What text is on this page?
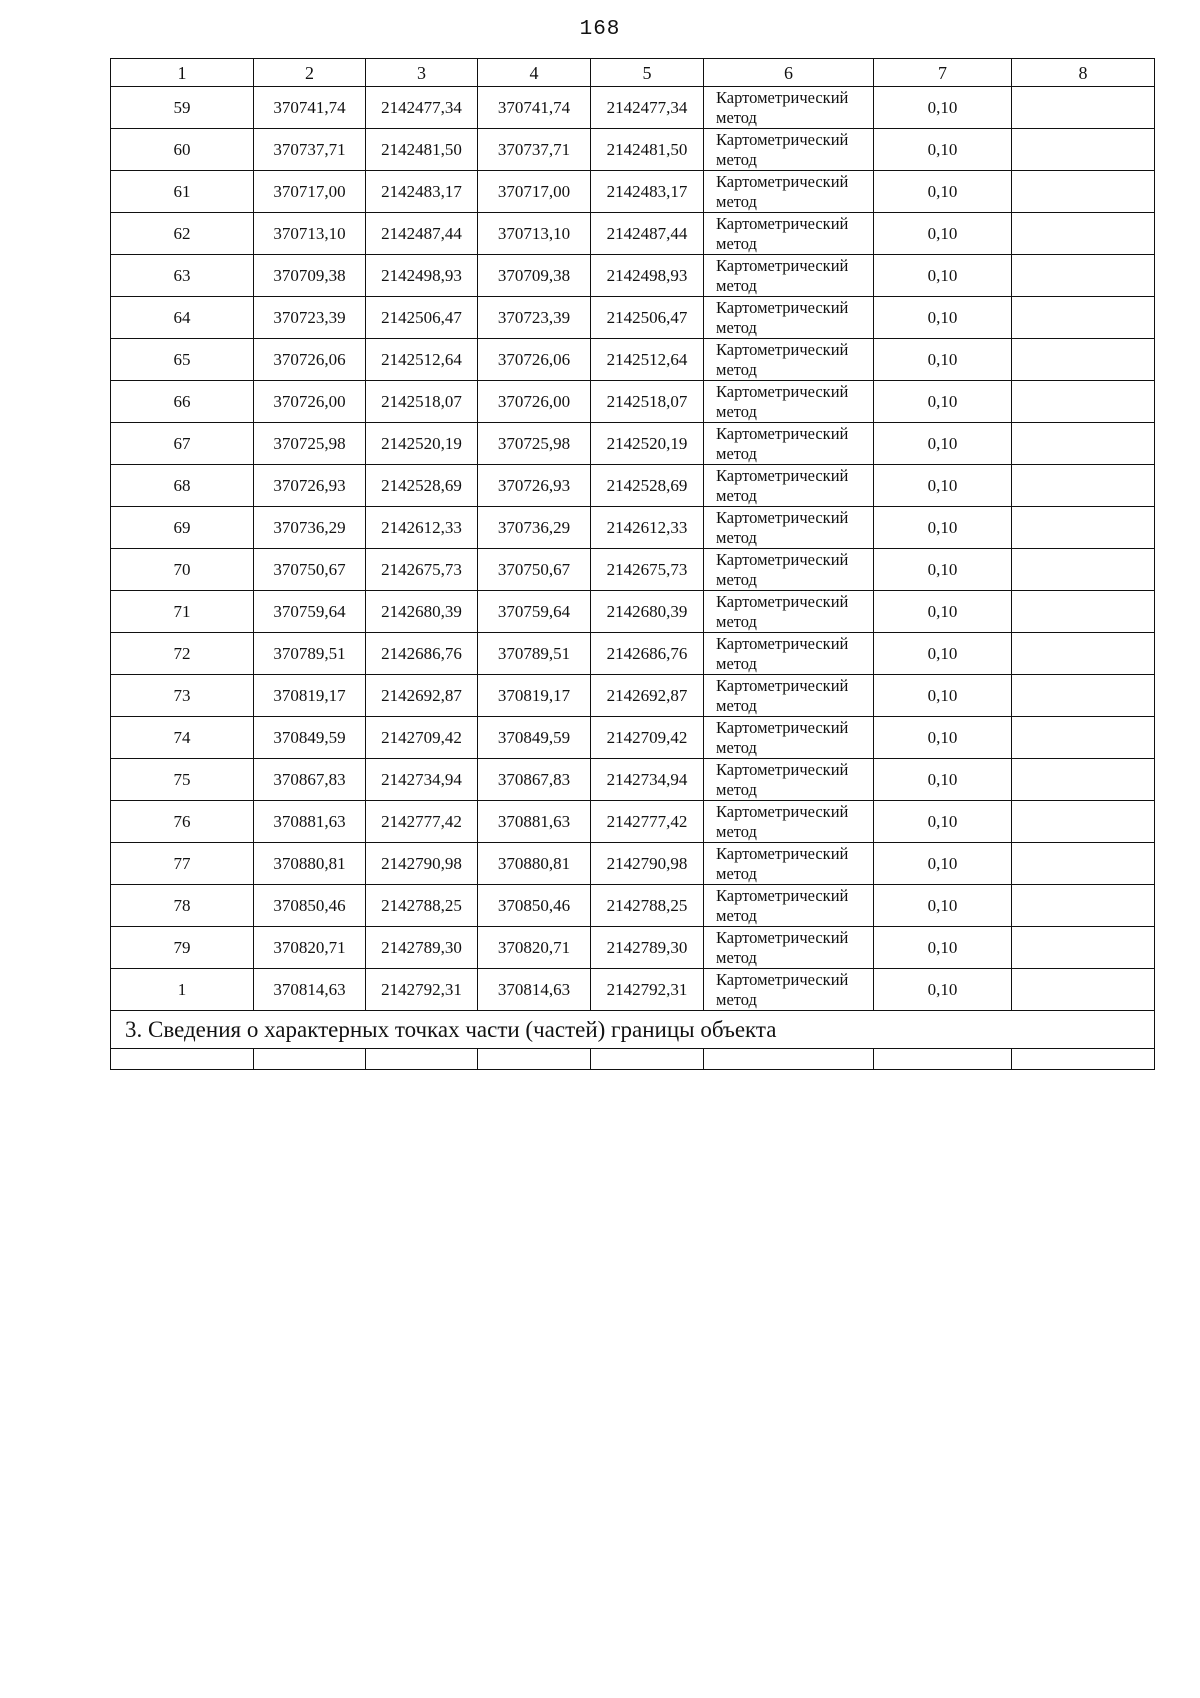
168
1	2	3	4	5	6	7	8
59	370741,74	2142477,34	370741,74	2142477,34	Картометрический
метод	0,10	
60	370737,71	2142481,50	370737,71	2142481,50	Картометрический
метод	0,10	
61	370717,00	2142483,17	370717,00	2142483,17	Картометрический
метод	0,10	
62	370713,10	2142487,44	370713,10	2142487,44	Картометрический
метод	0,10	
63	370709,38	2142498,93	370709,38	2142498,93	Картометрический
метод	0,10	
64	370723,39	2142506,47	370723,39	2142506,47	Картометрический
метод	0,10	
65	370726,06	2142512,64	370726,06	2142512,64	Картометрический
метод	0,10	
66	370726,00	2142518,07	370726,00	2142518,07	Картометрический
метод	0,10	
67	370725,98	2142520,19	370725,98	2142520,19	Картометрический
метод	0,10	
68	370726,93	2142528,69	370726,93	2142528,69	Картометрический
метод	0,10	
69	370736,29	2142612,33	370736,29	2142612,33	Картометрический
метод	0,10	
70	370750,67	2142675,73	370750,67	2142675,73	Картометрический
метод	0,10	
71	370759,64	2142680,39	370759,64	2142680,39	Картометрический
метод	0,10	
72	370789,51	2142686,76	370789,51	2142686,76	Картометрический
метод	0,10	
73	370819,17	2142692,87	370819,17	2142692,87	Картометрический
метод	0,10	
74	370849,59	2142709,42	370849,59	2142709,42	Картометрический
метод	0,10	
75	370867,83	2142734,94	370867,83	2142734,94	Картометрический
метод	0,10	
76	370881,63	2142777,42	370881,63	2142777,42	Картометрический
метод	0,10	
77	370880,81	2142790,98	370880,81	2142790,98	Картометрический
метод	0,10	
78	370850,46	2142788,25	370850,46	2142788,25	Картометрический
метод	0,10	
79	370820,71	2142789,30	370820,71	2142789,30	Картометрический
метод	0,10	
1	370814,63	2142792,31	370814,63	2142792,31	Картометрический
метод	0,10	
3. Сведения о характерных точках части (частей) границы объекта							
